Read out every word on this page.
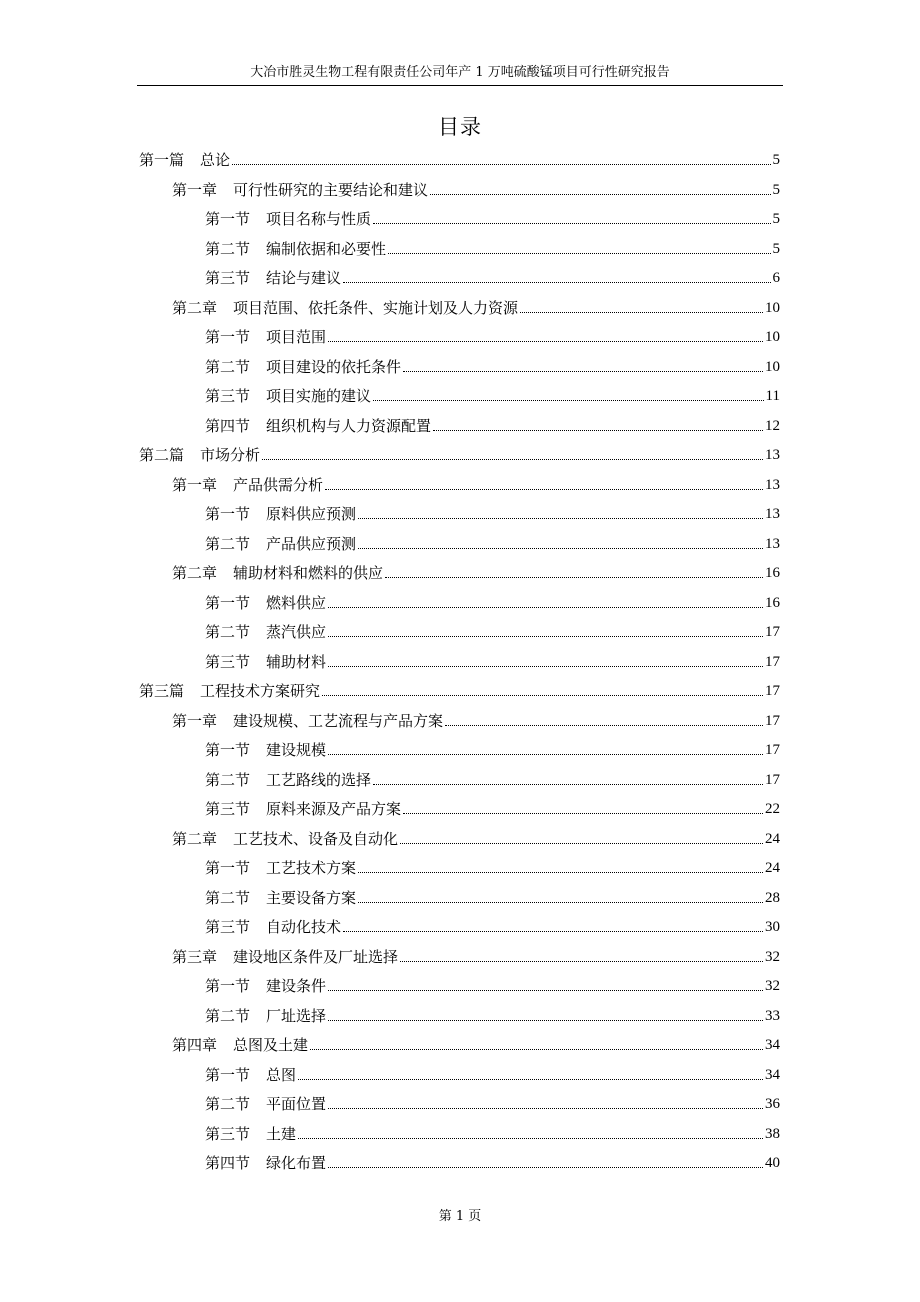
大冶市胜灵生物工程有限责任公司年产 1 万吨硫酸锰项目可行性研究报告
目录
第一篇 总论	5
第一章 可行性研究的主要结论和建议	5
第一节 项目名称与性质	5
第二节 编制依据和必要性	5
第三节 结论与建议	6
第二章 项目范围、依托条件、实施计划及人力资源	10
第一节 项目范围	10
第二节 项目建设的依托条件	10
第三节 项目实施的建议	11
第四节 组织机构与人力资源配置	12
第二篇 市场分析	13
第一章 产品供需分析	13
第一节 原料供应预测	13
第二节 产品供应预测	13
第二章 辅助材料和燃料的供应	16
第一节 燃料供应	16
第二节 蒸汽供应	17
第三节 辅助材料	17
第三篇 工程技术方案研究	17
第一章 建设规模、工艺流程与产品方案	17
第一节 建设规模	17
第二节 工艺路线的选择	17
第三节 原料来源及产品方案	22
第二章 工艺技术、设备及自动化	24
第一节 工艺技术方案	24
第二节 主要设备方案	28
第三节 自动化技术	30
第三章 建设地区条件及厂址选择	32
第一节 建设条件	32
第二节 厂址选择	33
第四章 总图及土建	34
第一节 总图	34
第二节 平面位置	36
第三节 土建	38
第四节 绿化布置	40
第 1 页
